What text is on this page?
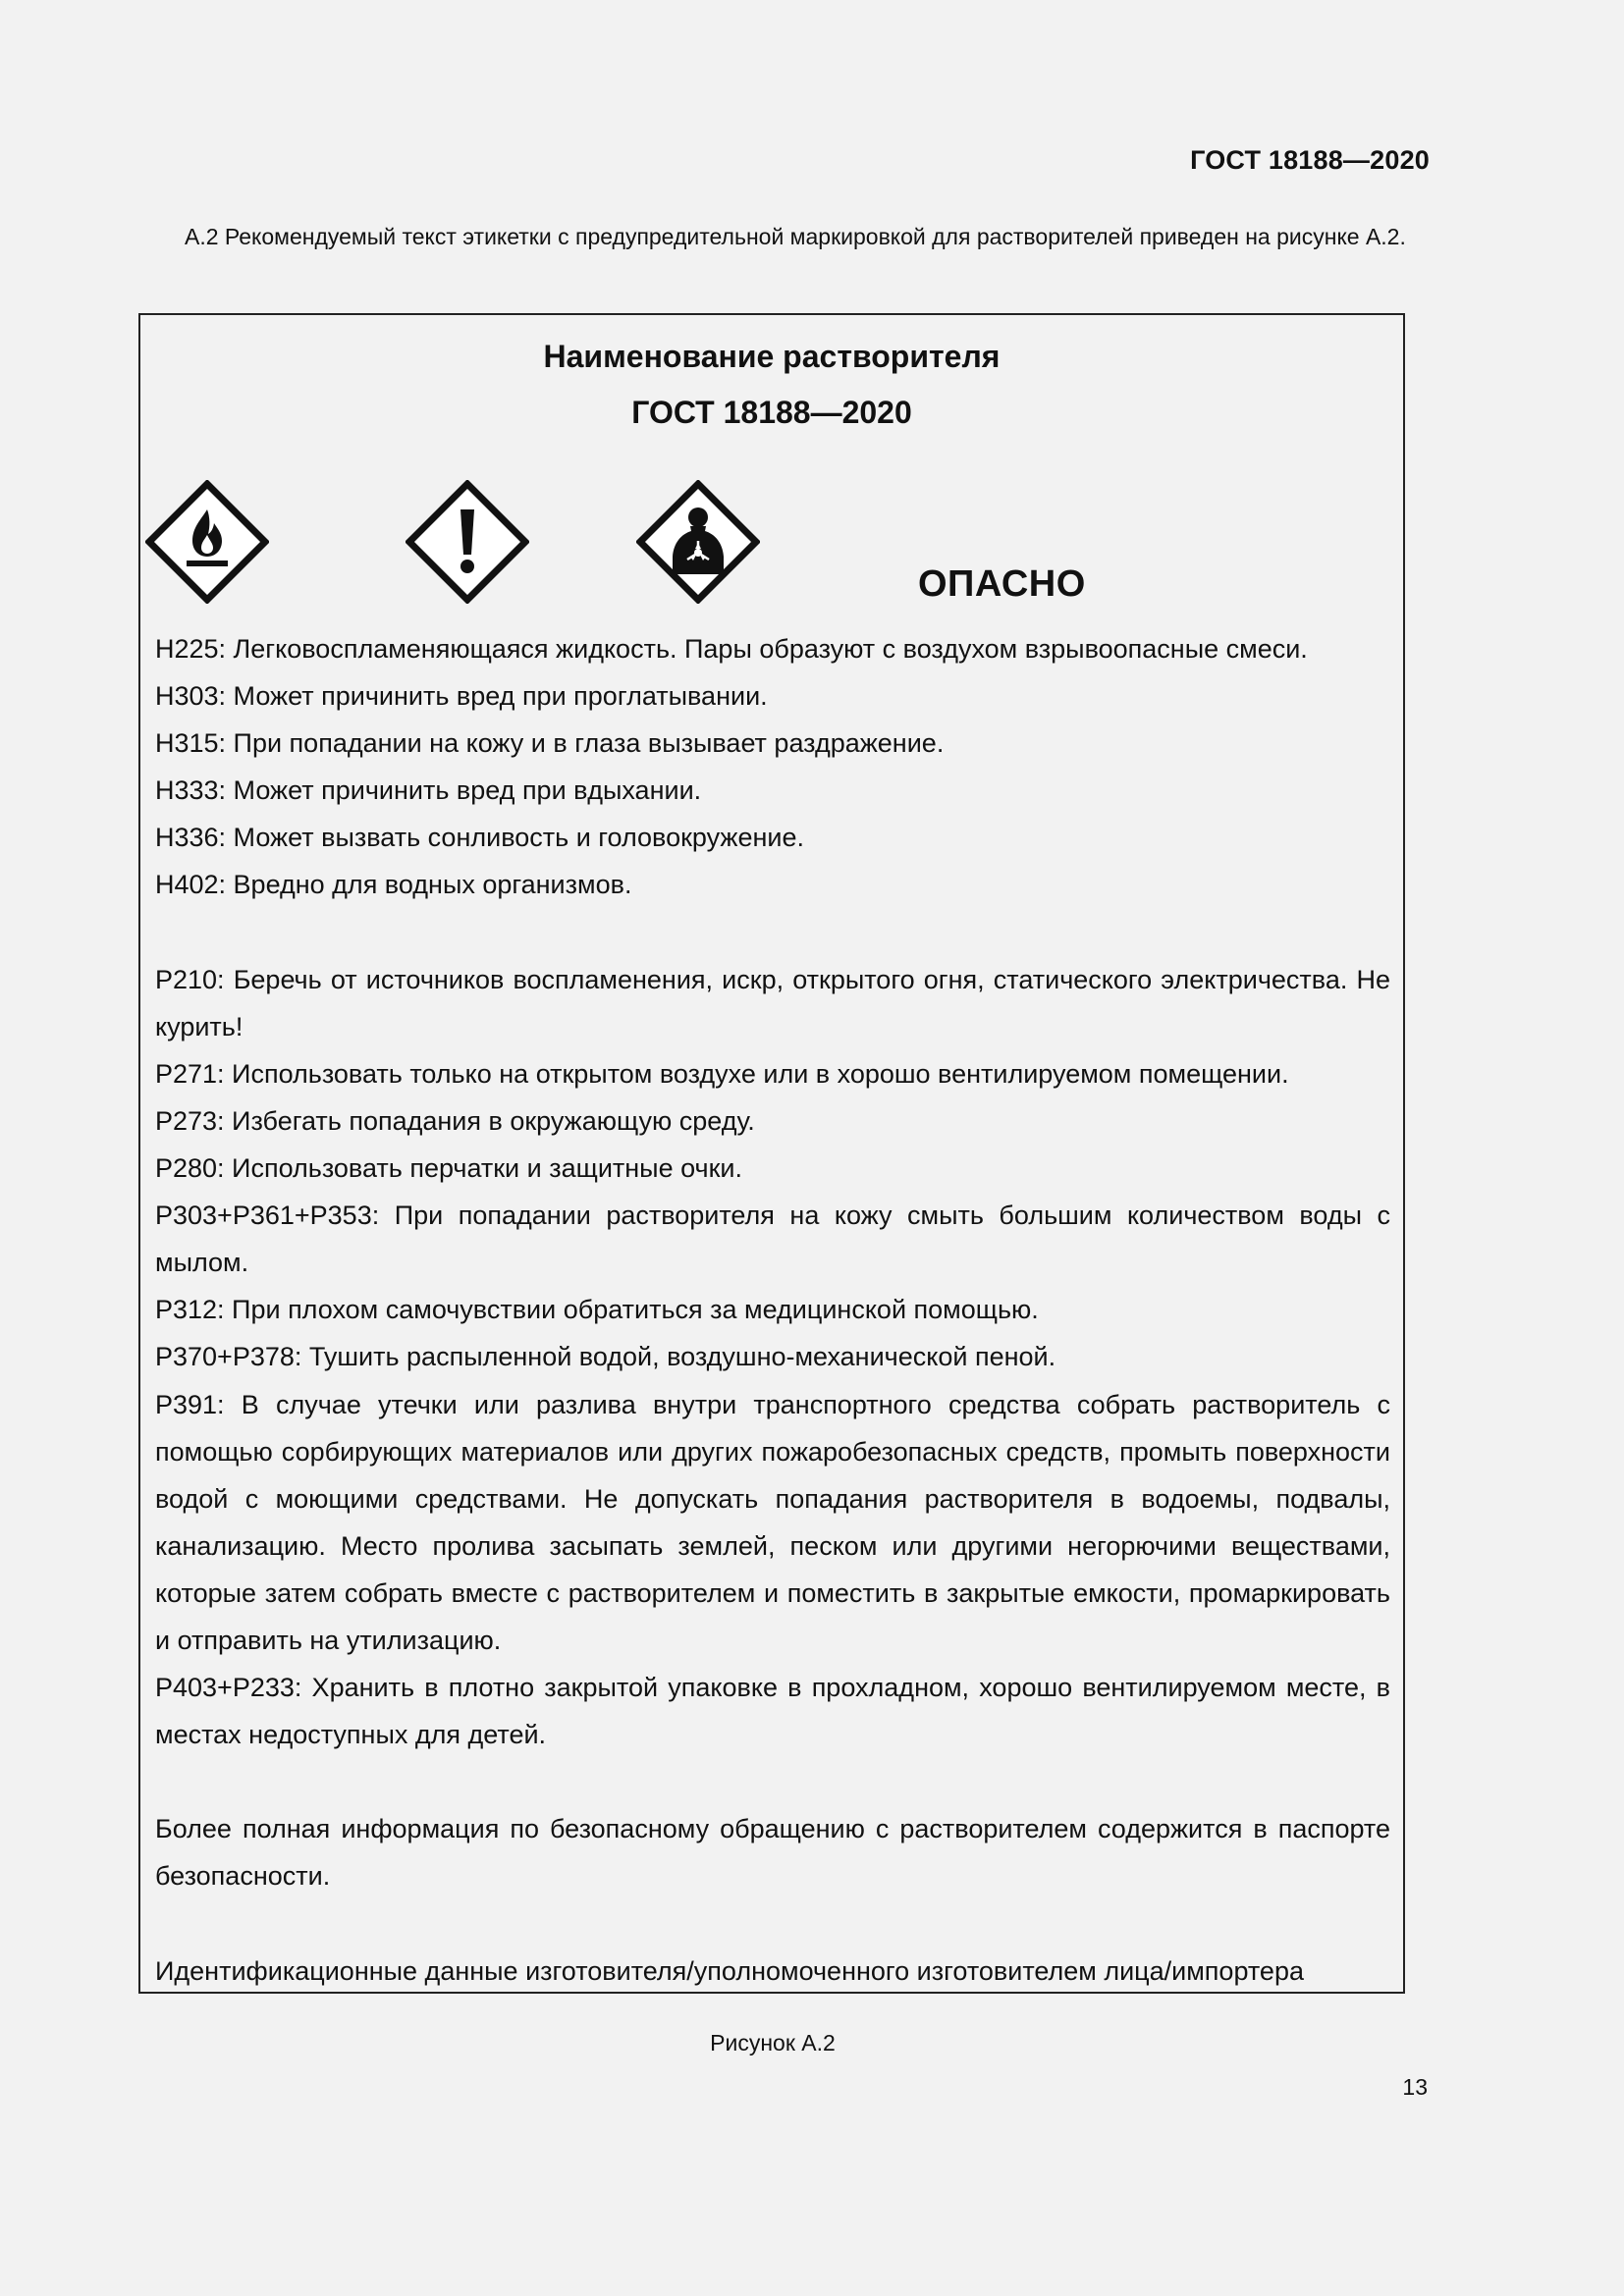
ГОСТ 18188—2020
А.2 Рекомендуемый текст этикетки с предупредительной маркировкой для растворителей приведен на рисунке А.2.
Наименование растворителя
ГОСТ 18188—2020
ОПАСНО

Н225: Легковоспламеняющаяся жидкость. Пары образуют с воздухом взрывоопасные смеси.

Н303: Может причинить вред при проглатывании.

Н315: При попадании на кожу и в глаза вызывает раздражение.

Н333: Может причинить вред при вдыхании.

Н336: Может вызвать сонливость и головокружение.

Н402: Вредно для водных организмов.

Р210: Беречь от источников воспламенения, искр, открытого огня, статического электричества. Не курить!

Р271: Использовать только на открытом воздухе или в хорошо вентилируемом помещении.

Р273: Избегать попадания в окружающую среду.

Р280: Использовать перчатки и защитные очки.

Р303+Р361+Р353: При попадании растворителя на кожу смыть большим количеством воды с мылом.

Р312: При плохом самочувствии обратиться за медицинской помощью.

Р370+Р378: Тушить распыленной водой, воздушно-механической пеной.

Р391: В случае утечки или разлива внутри транспортного средства собрать растворитель с помощью сорбирующих материалов или других пожаробезопасных средств, промыть поверхности водой с моющими средствами. Не допускать попадания растворителя в водоемы, подвалы, канализацию. Место пролива засыпать землей, песком или другими негорючими веществами, которые затем собрать вместе с растворителем и поместить в закрытые емкости, промаркировать и отправить на утилизацию.

Р403+Р233: Хранить в плотно закрытой упаковке в прохладном, хорошо вентилируемом месте, в местах недоступных для детей.

Более полная информация по безопасному обращению с растворителем содержится в паспорте безопасности.

Идентификационные данные изготовителя/уполномоченного изготовителем лица/импортера

Рисунок А.2
13
